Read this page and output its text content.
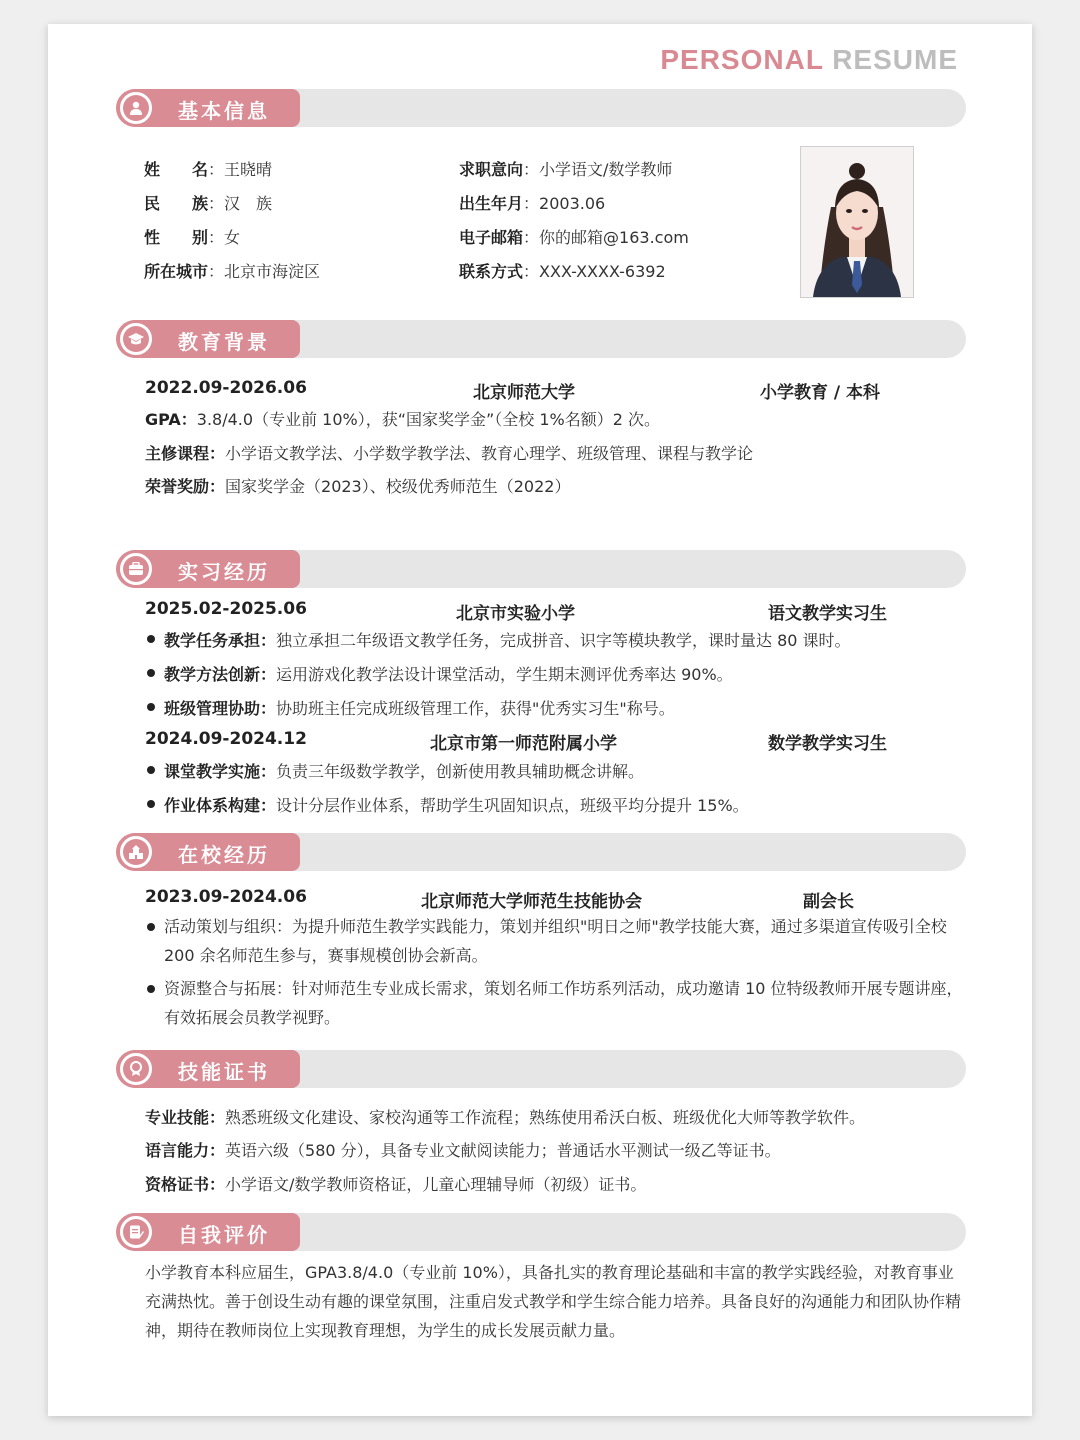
PERSONAL RESUME
基本信息
姓　　名：王晓晴
民　　族：汉　族
性　　别：女
所在城市：北京市海淀区
求职意向：小学语文/数学教师
出生年月：2003.06
电子邮箱：你的邮箱@163.com
联系方式：XXX-XXXX-6392
教育背景
2022.09-2026.06	北京师范大学	小学教育 / 本科
GPA：3.8/4.0（专业前 10%），获“国家奖学金”（全校 1%名额）2 次。
主修课程：小学语文教学法、小学数学教学法、教育心理学、班级管理、课程与教学论
荣誉奖励：国家奖学金（2023）、校级优秀师范生（2022）
实习经历
2025.02-2025.06	北京市实验小学	语文教学实习生
教学任务承担：独立承担二年级语文教学任务，完成拼音、识字等模块教学，课时量达 80 课时。
教学方法创新：运用游戏化教学法设计课堂活动，学生期末测评优秀率达 90%。
班级管理协助：协助班主任完成班级管理工作，获得"优秀实习生"称号。
2024.09-2024.12	北京市第一师范附属小学	数学教学实习生
课堂教学实施：负责三年级数学教学，创新使用教具辅助概念讲解。
作业体系构建：设计分层作业体系，帮助学生巩固知识点，班级平均分提升 15%。
在校经历
2023.09-2024.06	北京师范大学师范生技能协会	副会长
活动策划与组织：为提升师范生教学实践能力，策划并组织"明日之师"教学技能大赛，通过多渠道宣传吸引全校 200 余名师范生参与，赛事规模创协会新高。
资源整合与拓展：针对师范生专业成长需求，策划名师工作坊系列活动，成功邀请 10 位特级教师开展专题讲座，有效拓展会员教学视野。
技能证书
专业技能：熟悉班级文化建设、家校沟通等工作流程；熟练使用希沃白板、班级优化大师等教学软件。
语言能力：英语六级（580 分），具备专业文献阅读能力；普通话水平测试一级乙等证书。
资格证书：小学语文/数学教师资格证，儿童心理辅导师（初级）证书。
自我评价
小学教育本科应届生，GPA3.8/4.0（专业前 10%），具备扎实的教育理论基础和丰富的教学实践经验，对教育事业充满热忱。善于创设生动有趣的课堂氛围，注重启发式教学和学生综合能力培养。具备良好的沟通能力和团队协作精神，期待在教师岗位上实现教育理想，为学生的成长发展贡献力量。
